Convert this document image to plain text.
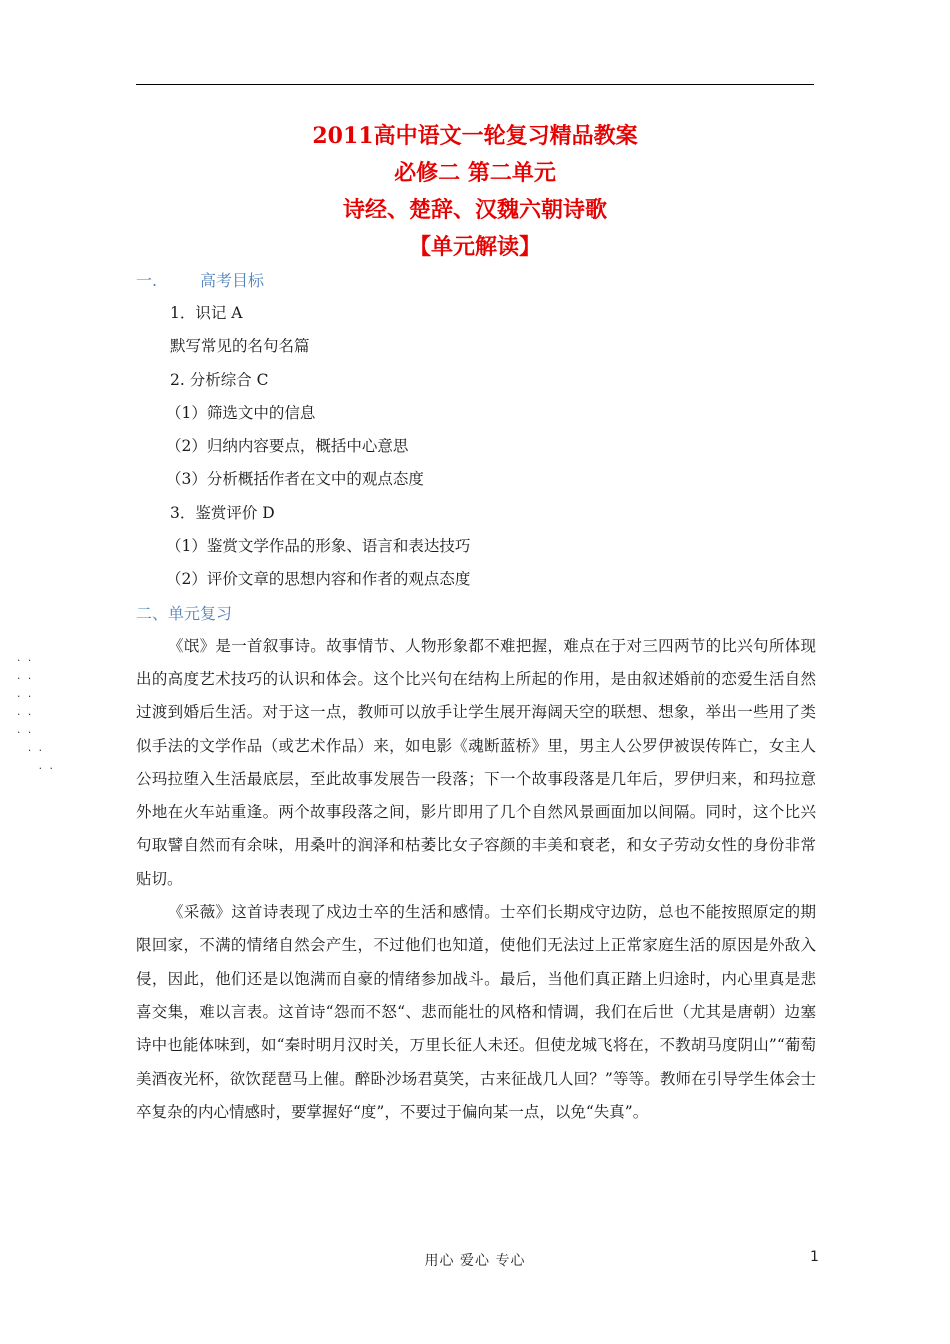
2011高中语文一轮复习精品教案
必修二 第二单元
诗经、楚辞、汉魏六朝诗歌
【单元解读】
一.	高考目标
1．识记 A
默写常见的名句名篇
2. 分析综合 C
（1）筛选文中的信息
（2）归纳内容要点，概括中心意思
（3）分析概括作者在文中的观点态度
3．鉴赏评价 D
（1）鉴赏文学作品的形象、语言和表达技巧
（2）评价文章的思想内容和作者的观点态度
二、单元复习

《氓》是一首叙事诗。故事情节、人物形象都不难把握，难点在于对三四两节的比兴句所体现出的高度艺术技巧的认识和体会。这个比兴句在结构上所起的作用，是由叙述婚前的恋爱生活自然过渡到婚后生活。对于这一点，教师可以放手让学生展开海阔天空的联想、想象，举出一些用了类似手法的文学作品（或艺术作品）来，如电影《魂断蓝桥》里，男主人公罗伊被误传阵亡，女主人公玛拉堕入生活最底层，至此故事发展告一段落；下一个故事段落是几年后，罗伊归来，和玛拉意外地在火车站重逢。两个故事段落之间，影片即用了几个自然风景画面加以间隔。同时，这个比兴句取譬自然而有余味，用桑叶的润泽和枯萎比女子容颜的丰美和衰老，和女子劳动女性的身份非常贴切。

《采薇》这首诗表现了戍边士卒的生活和感情。士卒们长期戍守边防，总也不能按照原定的期限回家，不满的情绪自然会产生，不过他们也知道，使他们无法过上正常家庭生活的原因是外敌入侵，因此，他们还是以饱满而自豪的情绪参加战斗。最后，当他们真正踏上归途时，内心里真是悲喜交集，难以言表。这首诗“怨而不怒“、悲而能壮的风格和情调，我们在后世（尤其是唐朝）边塞诗中也能体味到，如“秦时明月汉时关，万里长征人未还。但使龙城飞将在，不教胡马度阴山”“葡萄美酒夜光杯，欲饮琵琶马上催。醉卧沙场君莫笑，古来征战几人回？”等等。教师在引导学生体会士卒复杂的内心情感时，要掌握好“度”，不要过于偏向某一点，以免“失真”。

. .
. .
. .
. .
. .
. .
. .
用心 爱心 专心	1
